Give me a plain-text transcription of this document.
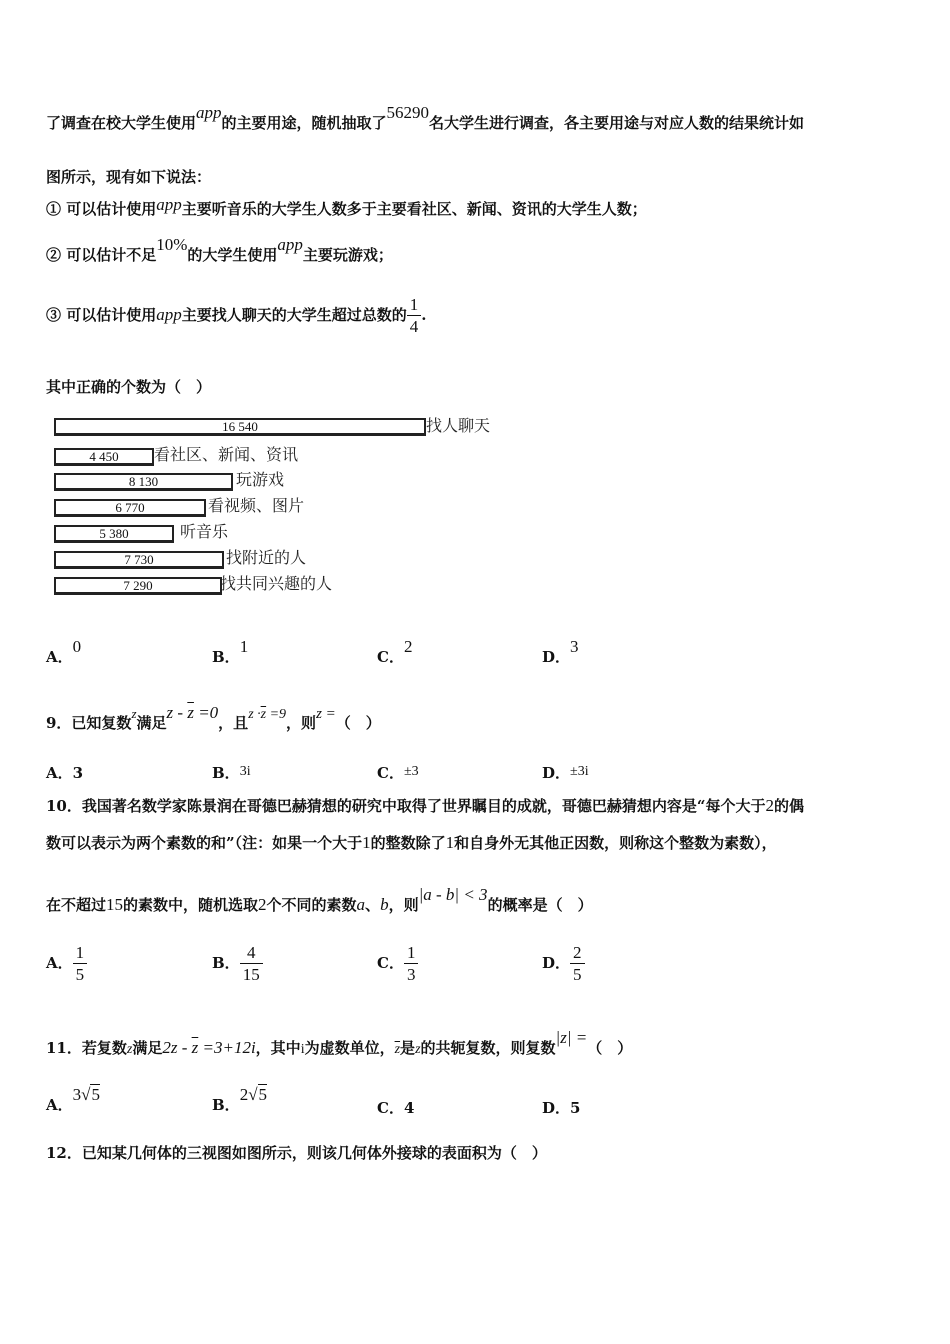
了调查在校大学生使用app的主要用途，随机抽取了56290名大学生进行调查，各主要用途与对应人数的结果统计如
图所示，现有如下说法：
① 可以估计使用app主要听音乐的大学生人数多于主要看社区、新闻、资讯的大学生人数；
② 可以估计不足10%的大学生使用app主要玩游戏；
③ 可以估计使用app主要找人聊天的大学生超过总数的 $\frac{1}{4}$ .
其中正确的个数为（　）
16 540	找人聊天
4 450	看社区、新闻、资讯
8 130	玩游戏
6 770	看视频、图片
5 380	听音乐
7 730	找附近的人
7 290	找共同兴趣的人
A．0
B．1
C．2
D．3
9．已知复数z满足$z - \overline{z} =0$，且$z \cdot\overline{z} =9$，则z =（　）
A．3	B．3i	C．±3	D．±3i
10．我国著名数学家陈景润在哥德巴赫猜想的研究中取得了世界瞩目的成就，哥德巴赫猜想内容是“每个大于2的偶
数可以表示为两个素数的和”（注：如果一个大于1的整数除了1和自身外无其他正因数，则称这个整数为素数），
在不超过15的素数中，随机选取2个不同的素数a、b，则|a - b| < 3的概率是（　）
A． $\frac{1}{5}$	B． $\frac{4}{15}$	C． $\frac{1}{3}$	D． $\frac{2}{5}$
11．若复数z满足$2z - \overline{z} =3+12i$，其中i为虚数单位，$\overline{z}$是z的共轭复数，则复数|z| =（　）
A．3√5
B．2√5
C．4	D．5
12．已知某几何体的三视图如图所示，则该几何体外接球的表面积为（　）
